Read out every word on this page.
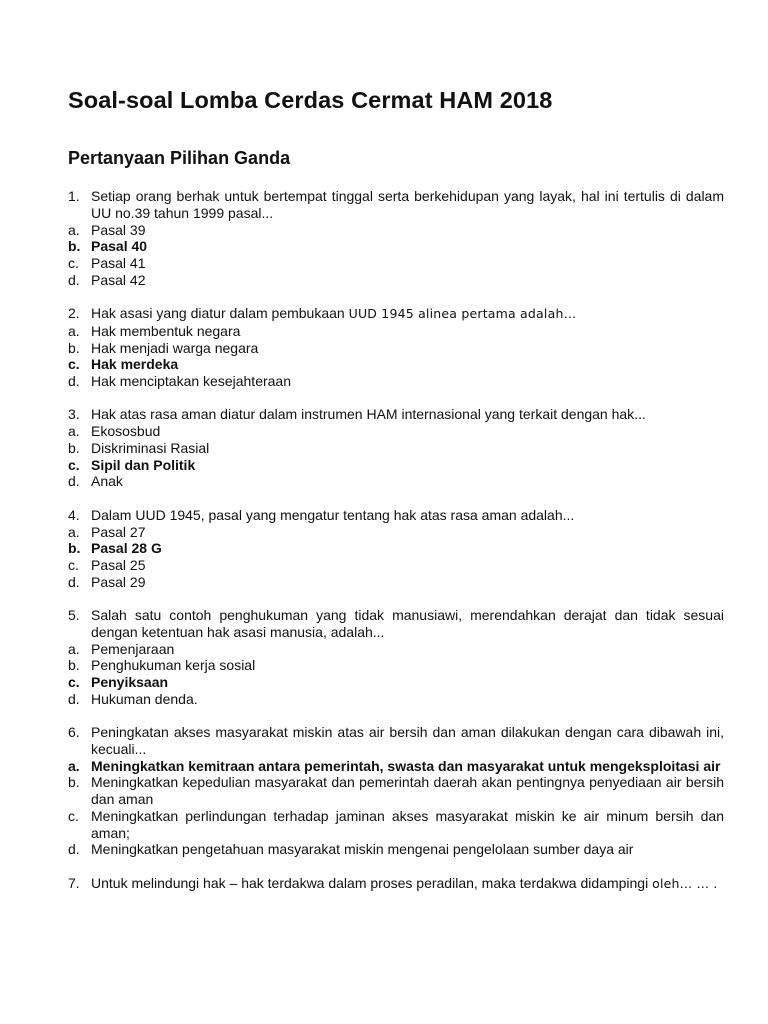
Soal-soal Lomba Cerdas Cermat HAM 2018
Pertanyaan Pilihan Ganda
1. Setiap orang berhak untuk bertempat tinggal serta berkehidupan yang layak, hal ini tertulis di dalam UU no.39 tahun 1999 pasal...
a. Pasal 39
b. Pasal 40
c. Pasal 41
d. Pasal 42
2. Hak asasi yang diatur dalam pembukaan UUD 1945 alinea pertama adalah…
a. Hak membentuk negara
b. Hak menjadi warga negara
c. Hak merdeka
d. Hak menciptakan kesejahteraan
3. Hak atas rasa aman diatur dalam instrumen HAM internasional yang terkait dengan hak...
a. Ekososbud
b. Diskriminasi Rasial
c. Sipil dan Politik
d. Anak
4. Dalam UUD 1945, pasal yang mengatur tentang hak atas rasa aman adalah...
a. Pasal 27
b. Pasal 28 G
c. Pasal 25
d. Pasal 29
5. Salah satu contoh penghukuman yang tidak manusiawi, merendahkan derajat dan tidak sesuai dengan ketentuan hak asasi manusia, adalah...
a. Pemenjaraan
b. Penghukuman kerja sosial
c. Penyiksaan
d. Hukuman denda.
6. Peningkatan akses masyarakat miskin atas air bersih dan aman dilakukan dengan cara dibawah ini, kecuali...
a. Meningkatkan kemitraan antara pemerintah, swasta dan masyarakat untuk mengeksploitasi air
b. Meningkatkan kepedulian masyarakat dan pemerintah daerah akan pentingnya penyediaan air bersih dan aman
c. Meningkatkan perlindungan terhadap jaminan akses masyarakat miskin ke air minum bersih dan aman;
d. Meningkatkan pengetahuan masyarakat miskin mengenai pengelolaan sumber daya air
7. Untuk melindungi hak – hak terdakwa dalam proses peradilan, maka terdakwa didampingi oleh… … .
